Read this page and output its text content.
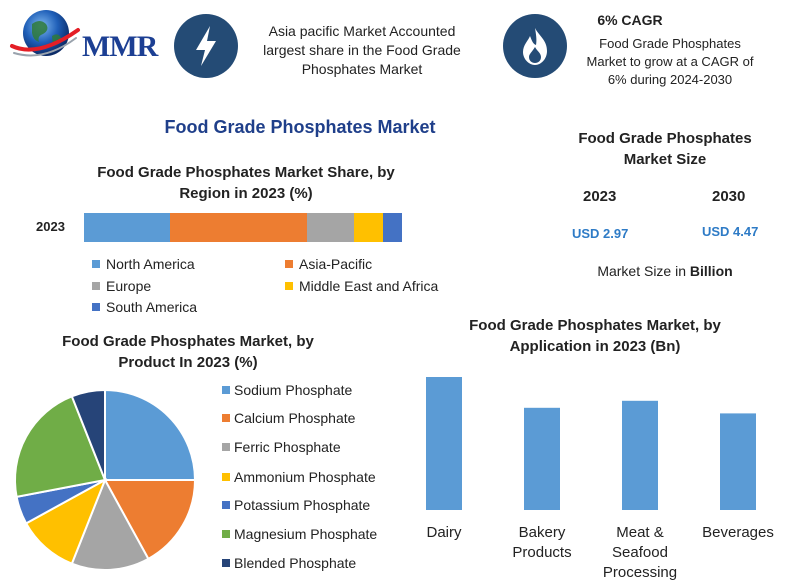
MMR	Asia pacific Market Accounted
largest share in the Food Grade
Phosphates Market
6% CAGR
Food Grade Phosphates
Market to grow at a CAGR of
6% during 2024-2030
Food Grade Phosphates Market
Food Grade Phosphates
Market Size
2023	2030
USD 2.97	USD 4.47
Market Size in Billion
Food Grade Phosphates Market Share, by
Region in 2023 (%)
2023
North America	Asia-Pacific
Europe	Middle East and Africa
South America
Food Grade Phosphates Market, by
Product In 2023 (%)
Sodium Phosphate
Calcium Phosphate
Ferric Phosphate
Ammonium Phosphate
Potassium Phosphate
Magnesium Phosphate
Blended Phosphate
Food Grade Phosphates Market, by
Application in 2023 (Bn)
Dairy	Bakery Products
Meat & Seafood Processing
Beverages
